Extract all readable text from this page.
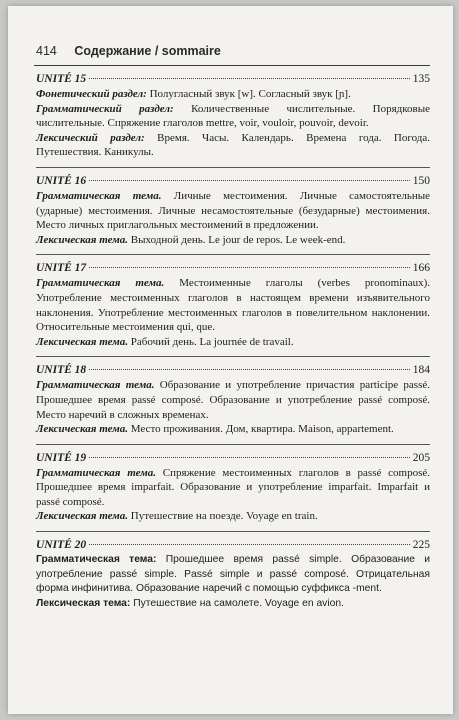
414 Содержание / sommaire
UNITÉ 15	135

Фонетический раздел: Полугласный звук [w]. Согласный звук [ɲ].

Грамматический раздел: Количественные числительные. Порядковые числительные. Спряжение глаголов mettre, voir, vouloir, pouvoir, devoir.

Лексический раздел: Время. Часы. Календарь. Времена года. Погода. Путешествия. Каникулы.

UNITÉ 16	150

Грамматическая тема. Личные местоимения. Личные самостоятельные (ударные) местоимения. Личные несамостоятельные (безударные) местоимения. Место личных приглагольных местоимений в предложении.

Лексическая тема. Выходной день. Le jour de repos. Le week-end.

UNITÉ 17	166

Грамматическая тема. Местоименные глаголы (verbes pronominaux). Употребление местоименных глаголов в настоящем времени изъявительного наклонения. Употребление местоименных глаголов в повелительном наклонении. Относительные местоимения qui, que.

Лексическая тема. Рабочий день. La journée de travail.

UNITÉ 18	184

Грамматическая тема. Образование и употребление причастия participe passé. Прошедшее время passé composé. Образование и употребление passé composé. Место наречий в сложных временах.

Лексическая тема. Место проживания. Дом, квартира. Maison, appartement.

UNITÉ 19	205

Грамматическая тема. Спряжение местоименных глаголов в passé composé. Прошедшее время imparfait. Образование и употребление imparfait. Imparfait и passé composé.

Лексическая тема. Путешествие на поезде. Voyage en train.

UNITÉ 20	225

Грамматическая тема: Прошедшее время passé simple. Образование и употребление passé simple. Passé simple и passé composé. Отрицательная форма инфинитива. Образование наречий с помощью суффикса -ment.

Лексическая тема: Путешествие на самолете. Voyage en avion.
